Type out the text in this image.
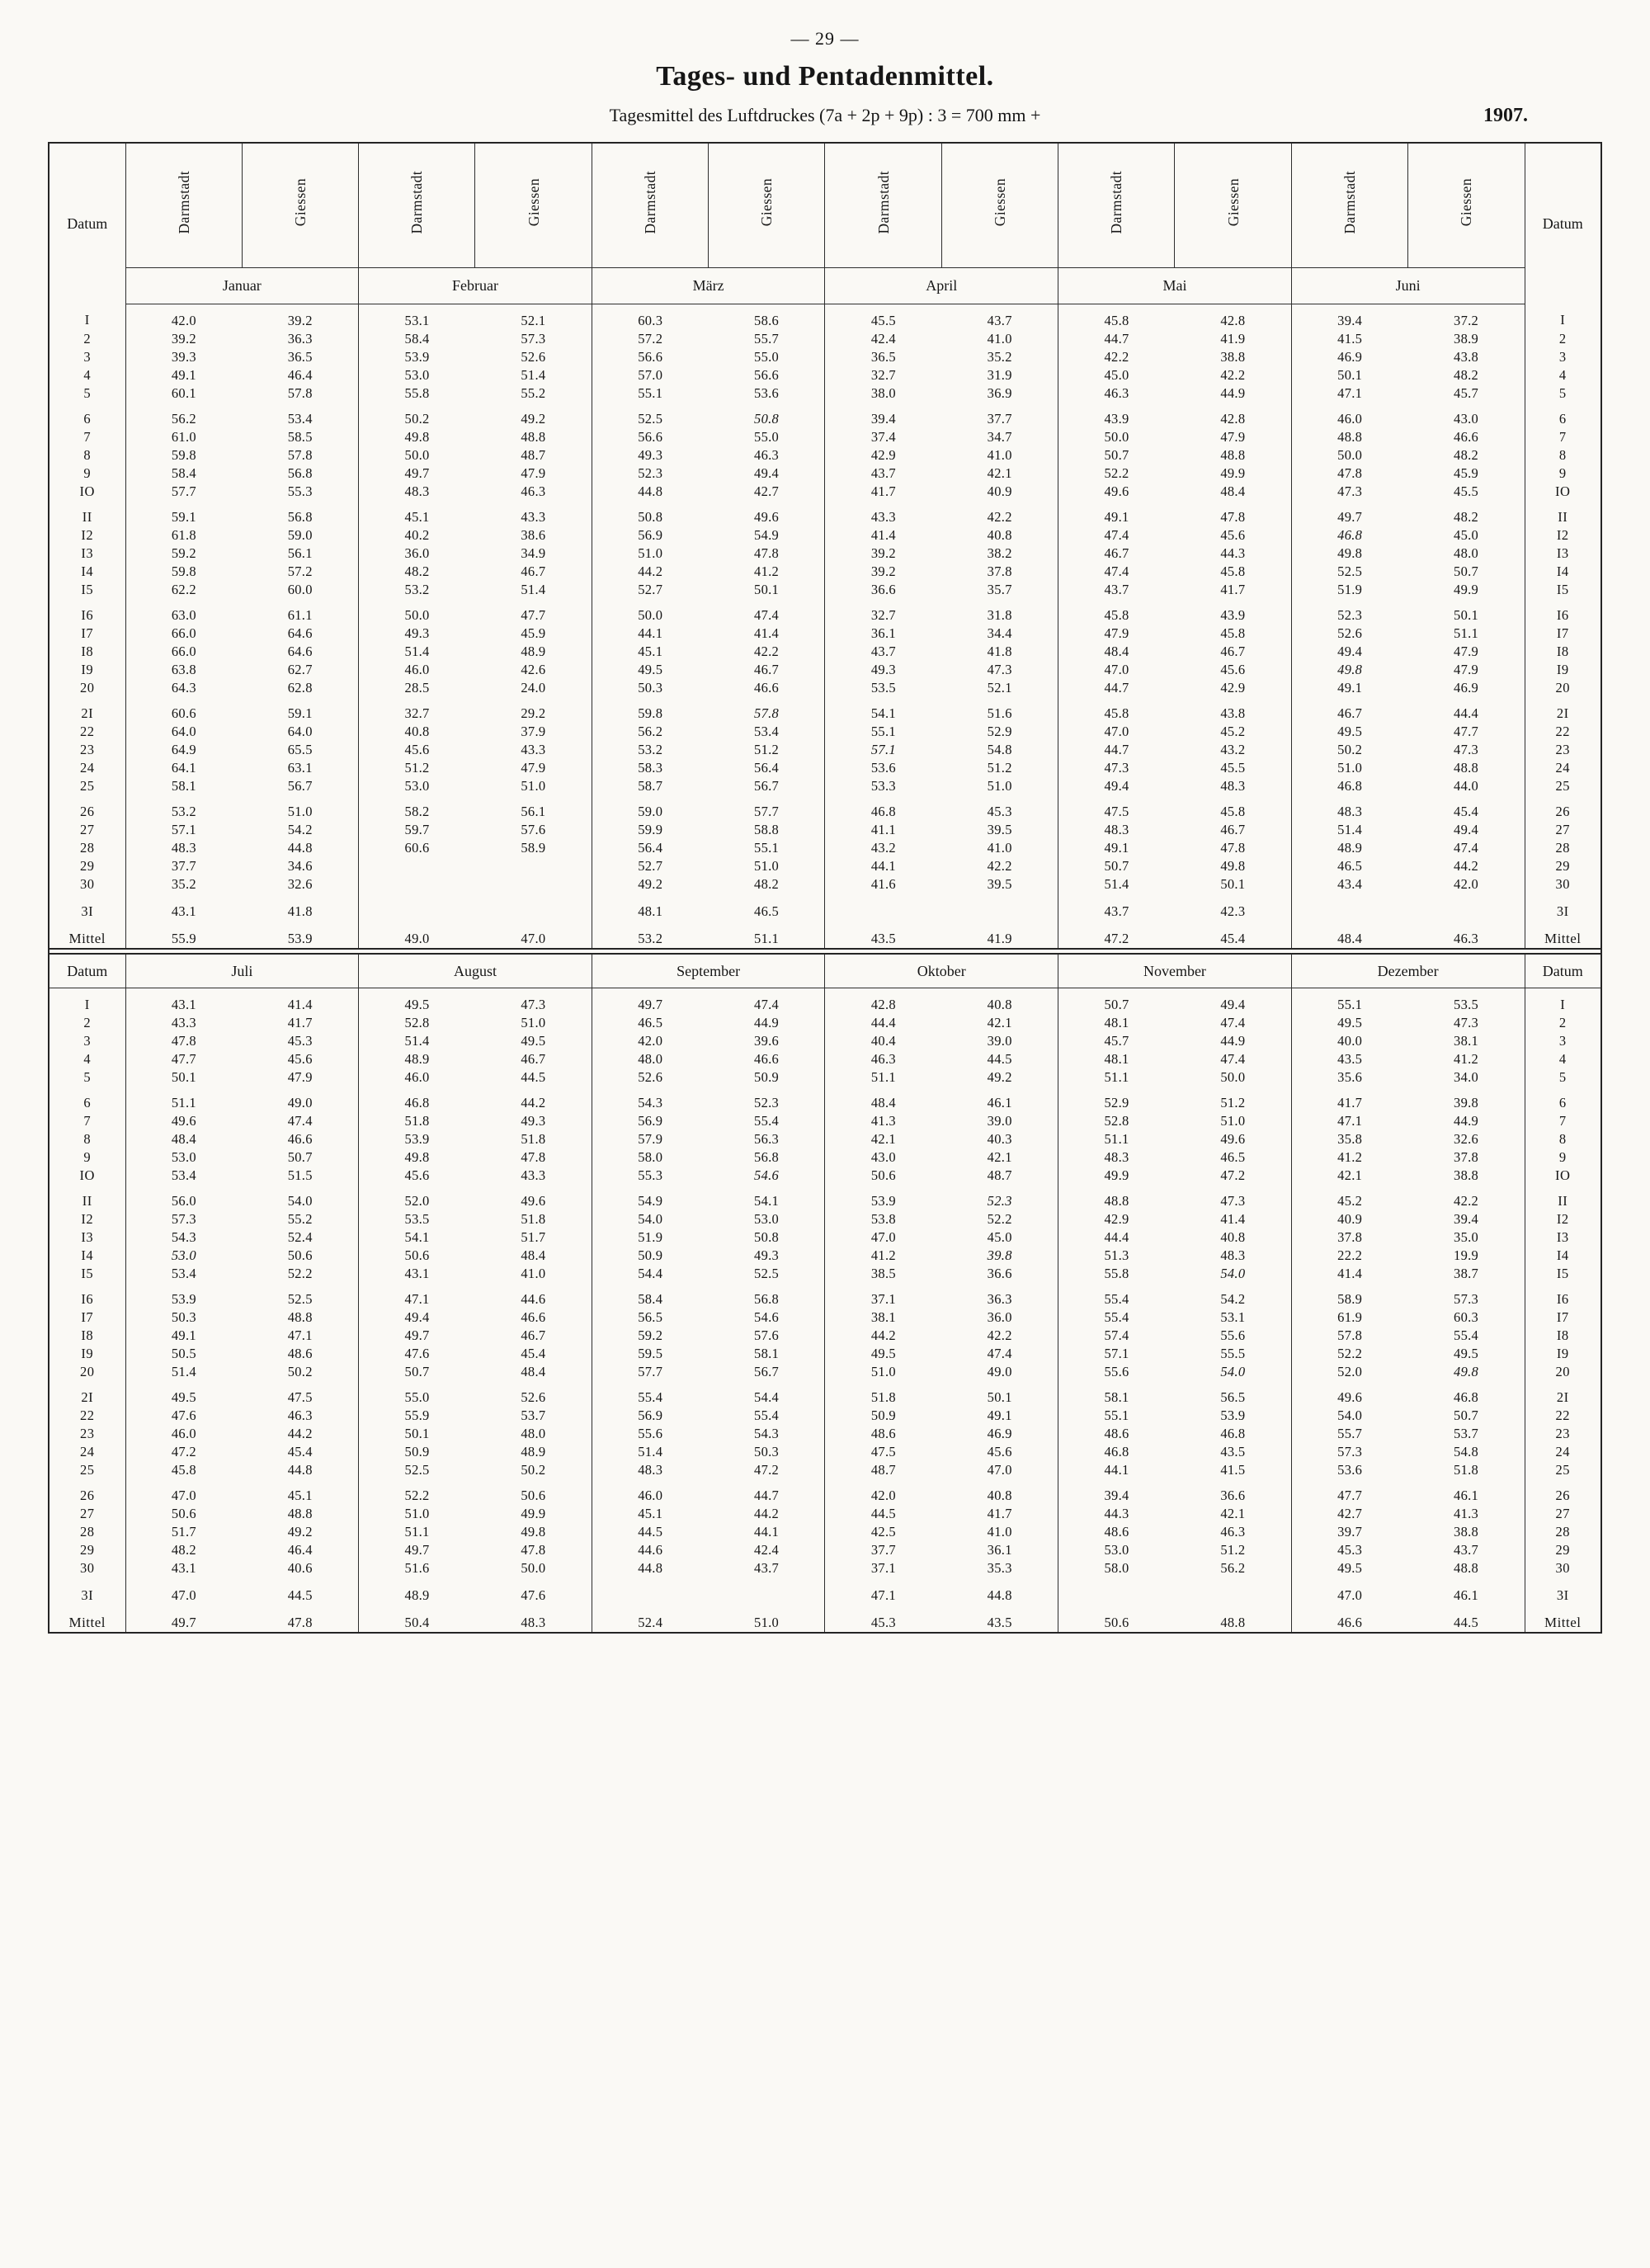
— 29 —
Tages- und Pentadenmittel.
Tagesmittel des Luftdruckes (7a + 2p + 9p) : 3 = 700 mm +	1907.
Datum	Darmstadt	Giessen	Darmstadt	Giessen	Darmstadt	Giessen	Darmstadt	Giessen	Darmstadt	Giessen	Darmstadt	Giessen	Datum
	Januar		Februar		März		April		Mai		Juni		
I	42.0	39.2	53.1	52.1	60.3	58.6	45.5	43.7	45.8	42.8	39.4	37.2	I
2	39.2	36.3	58.4	57.3	57.2	55.7	42.4	41.0	44.7	41.9	41.5	38.9	2
3	39.3	36.5	53.9	52.6	56.6	55.0	36.5	35.2	42.2	38.8	46.9	43.8	3
4	49.1	46.4	53.0	51.4	57.0	56.6	32.7	31.9	45.0	42.2	50.1	48.2	4
5	60.1	57.8	55.8	55.2	55.1	53.6	38.0	36.9	46.3	44.9	47.1	45.7	5
6	56.2	53.4	50.2	49.2	52.5	50.8	39.4	37.7	43.9	42.8	46.0	43.0	6
7	61.0	58.5	49.8	48.8	56.6	55.0	37.4	34.7	50.0	47.9	48.8	46.6	7
8	59.8	57.8	50.0	48.7	49.3	46.3	42.9	41.0	50.7	48.8	50.0	48.2	8
9	58.4	56.8	49.7	47.9	52.3	49.4	43.7	42.1	52.2	49.9	47.8	45.9	9
IO	57.7	55.3	48.3	46.3	44.8	42.7	41.7	40.9	49.6	48.4	47.3	45.5	IO
II	59.1	56.8	45.1	43.3	50.8	49.6	43.3	42.2	49.1	47.8	49.7	48.2	II
I2	61.8	59.0	40.2	38.6	56.9	54.9	41.4	40.8	47.4	45.6	46.8	45.0	I2
I3	59.2	56.1	36.0	34.9	51.0	47.8	39.2	38.2	46.7	44.3	49.8	48.0	I3
I4	59.8	57.2	48.2	46.7	44.2	41.2	39.2	37.8	47.4	45.8	52.5	50.7	I4
I5	62.2	60.0	53.2	51.4	52.7	50.1	36.6	35.7	43.7	41.7	51.9	49.9	I5
I6	63.0	61.1	50.0	47.7	50.0	47.4	32.7	31.8	45.8	43.9	52.3	50.1	I6
I7	66.0	64.6	49.3	45.9	44.1	41.4	36.1	34.4	47.9	45.8	52.6	51.1	I7
I8	66.0	64.6	51.4	48.9	45.1	42.2	43.7	41.8	48.4	46.7	49.4	47.9	I8
I9	63.8	62.7	46.0	42.6	49.5	46.7	49.3	47.3	47.0	45.6	49.8	47.9	I9
20	64.3	62.8	28.5	24.0	50.3	46.6	53.5	52.1	44.7	42.9	49.1	46.9	20
2I	60.6	59.1	32.7	29.2	59.8	57.8	54.1	51.6	45.8	43.8	46.7	44.4	2I
22	64.0	64.0	40.8	37.9	56.2	53.4	55.1	52.9	47.0	45.2	49.5	47.7	22
23	64.9	65.5	45.6	43.3	53.2	51.2	57.1	54.8	44.7	43.2	50.2	47.3	23
24	64.1	63.1	51.2	47.9	58.3	56.4	53.6	51.2	47.3	45.5	51.0	48.8	24
25	58.1	56.7	53.0	51.0	58.7	56.7	53.3	51.0	49.4	48.3	46.8	44.0	25
26	53.2	51.0	58.2	56.1	59.0	57.7	46.8	45.3	47.5	45.8	48.3	45.4	26
27	57.1	54.2	59.7	57.6	59.9	58.8	41.1	39.5	48.3	46.7	51.4	49.4	27
28	48.3	44.8	60.6	58.9	56.4	55.1	43.2	41.0	49.1	47.8	48.9	47.4	28
29	37.7	34.6			52.7	51.0	44.1	42.2	50.7	49.8	46.5	44.2	29
30	35.2	32.6			49.2	48.2	41.6	39.5	51.4	50.1	43.4	42.0	30
3I	43.1	41.8			48.1	46.5			43.7	42.3			3I
Mittel	55.9	53.9	49.0	47.0	53.2	51.1	43.5	41.9	47.2	45.4	48.4	46.3	Mittel
Datum	Juli		August		September		Oktober		November		Dezember		Datum
I	43.1	41.4	49.5	47.3	49.7	47.4	42.8	40.8	50.7	49.4	55.1	53.5	I
2	43.3	41.7	52.8	51.0	46.5	44.9	44.4	42.1	48.1	47.4	49.5	47.3	2
3	47.8	45.3	51.4	49.5	42.0	39.6	40.4	39.0	45.7	44.9	40.0	38.1	3
4	47.7	45.6	48.9	46.7	48.0	46.6	46.3	44.5	48.1	47.4	43.5	41.2	4
5	50.1	47.9	46.0	44.5	52.6	50.9	51.1	49.2	51.1	50.0	35.6	34.0	5
6	51.1	49.0	46.8	44.2	54.3	52.3	48.4	46.1	52.9	51.2	41.7	39.8	6
7	49.6	47.4	51.8	49.3	56.9	55.4	41.3	39.0	52.8	51.0	47.1	44.9	7
8	48.4	46.6	53.9	51.8	57.9	56.3	42.1	40.3	51.1	49.6	35.8	32.6	8
9	53.0	50.7	49.8	47.8	58.0	56.8	43.0	42.1	48.3	46.5	41.2	37.8	9
IO	53.4	51.5	45.6	43.3	55.3	54.6	50.6	48.7	49.9	47.2	42.1	38.8	IO
II	56.0	54.0	52.0	49.6	54.9	54.1	53.9	52.3	48.8	47.3	45.2	42.2	II
I2	57.3	55.2	53.5	51.8	54.0	53.0	53.8	52.2	42.9	41.4	40.9	39.4	I2
I3	54.3	52.4	54.1	51.7	51.9	50.8	47.0	45.0	44.4	40.8	37.8	35.0	I3
I4	53.0	50.6	50.6	48.4	50.9	49.3	41.2	39.8	51.3	48.3	22.2	19.9	I4
I5	53.4	52.2	43.1	41.0	54.4	52.5	38.5	36.6	55.8	54.0	41.4	38.7	I5
I6	53.9	52.5	47.1	44.6	58.4	56.8	37.1	36.3	55.4	54.2	58.9	57.3	I6
I7	50.3	48.8	49.4	46.6	56.5	54.6	38.1	36.0	55.4	53.1	61.9	60.3	I7
I8	49.1	47.1	49.7	46.7	59.2	57.6	44.2	42.2	57.4	55.6	57.8	55.4	I8
I9	50.5	48.6	47.6	45.4	59.5	58.1	49.5	47.4	57.1	55.5	52.2	49.5	I9
20	51.4	50.2	50.7	48.4	57.7	56.7	51.0	49.0	55.6	54.0	52.0	49.8	20
2I	49.5	47.5	55.0	52.6	55.4	54.4	51.8	50.1	58.1	56.5	49.6	46.8	2I
22	47.6	46.3	55.9	53.7	56.9	55.4	50.9	49.1	55.1	53.9	54.0	50.7	22
23	46.0	44.2	50.1	48.0	55.6	54.3	48.6	46.9	48.6	46.8	55.7	53.7	23
24	47.2	45.4	50.9	48.9	51.4	50.3	47.5	45.6	46.8	43.5	57.3	54.8	24
25	45.8	44.8	52.5	50.2	48.3	47.2	48.7	47.0	44.1	41.5	53.6	51.8	25
26	47.0	45.1	52.2	50.6	46.0	44.7	42.0	40.8	39.4	36.6	47.7	46.1	26
27	50.6	48.8	51.0	49.9	45.1	44.2	44.5	41.7	44.3	42.1	42.7	41.3	27
28	51.7	49.2	51.1	49.8	44.5	44.1	42.5	41.0	48.6	46.3	39.7	38.8	28
29	48.2	46.4	49.7	47.8	44.6	42.4	37.7	36.1	53.0	51.2	45.3	43.7	29
30	43.1	40.6	51.6	50.0	44.8	43.7	37.1	35.3	58.0	56.2	49.5	48.8	30
3I	47.0	44.5	48.9	47.6			47.1	44.8			47.0	46.1	3I
Mittel	49.7	47.8	50.4	48.3	52.4	51.0	45.3	43.5	50.6	48.8	46.6	44.5	Mittel
